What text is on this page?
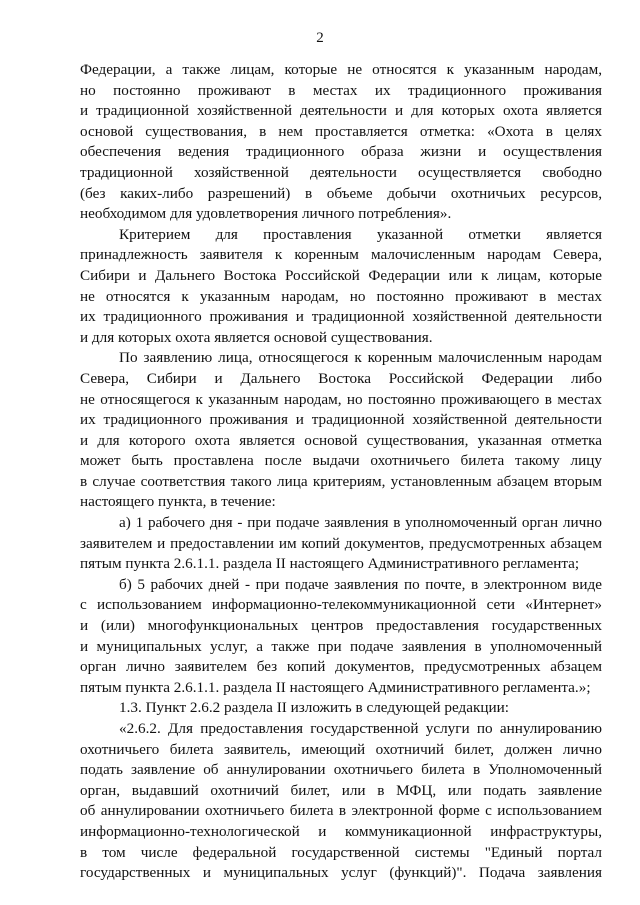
2
Федерации, а также лицам, которые не относятся к указанным народам,
но постоянно проживают в местах их традиционного проживания
и традиционной хозяйственной деятельности и для которых охота является
основой существования, в нем проставляется отметка: «Охота в целях
обеспечения ведения традиционного образа жизни и осуществления
традиционной хозяйственной деятельности осуществляется свободно
(без каких-либо разрешений) в объеме добычи охотничьих ресурсов,
необходимом для удовлетворения личного потребления».
Критерием для проставления указанной отметки является
принадлежность заявителя к коренным малочисленным народам Севера,
Сибири и Дальнего Востока Российской Федерации или к лицам, которые
не относятся к указанным народам, но постоянно проживают в местах
их традиционного проживания и традиционной хозяйственной деятельности
и для которых охота является основой существования.
По заявлению лица, относящегося к коренным малочисленным народам
Севера, Сибири и Дальнего Востока Российской Федерации либо
не относящегося к указанным народам, но постоянно проживающего в местах
их традиционного проживания и традиционной хозяйственной деятельности
и для которого охота является основой существования, указанная отметка
может быть проставлена после выдачи охотничьего билета такому лицу
в случае соответствия такого лица критериям, установленным абзацем вторым
настоящего пункта, в течение:
а) 1 рабочего дня - при подаче заявления в уполномоченный орган лично
заявителем и предоставлении им копий документов, предусмотренных абзацем
пятым пункта 2.6.1.1. раздела II настоящего Административного регламента;
б) 5 рабочих дней - при подаче заявления по почте, в электронном виде
с использованием информационно-телекоммуникационной сети «Интернет»
и (или) многофункциональных центров предоставления государственных
и муниципальных услуг, а также при подаче заявления в уполномоченный
орган лично заявителем без копий документов, предусмотренных абзацем
пятым пункта 2.6.1.1. раздела II настоящего Административного регламента.»;
1.3. Пункт 2.6.2 раздела II изложить в следующей редакции:
«2.6.2. Для предоставления государственной услуги по аннулированию
охотничьего билета заявитель, имеющий охотничий билет, должен лично
подать заявление об аннулировании охотничьего билета в Уполномоченный
орган, выдавший охотничий билет, или в МФЦ, или подать заявление
об аннулировании охотничьего билета в электронной форме с использованием
информационно-технологической и коммуникационной инфраструктуры,
в том числе федеральной государственной системы "Единый портал
государственных и муниципальных услуг (функций)". Подача заявления
